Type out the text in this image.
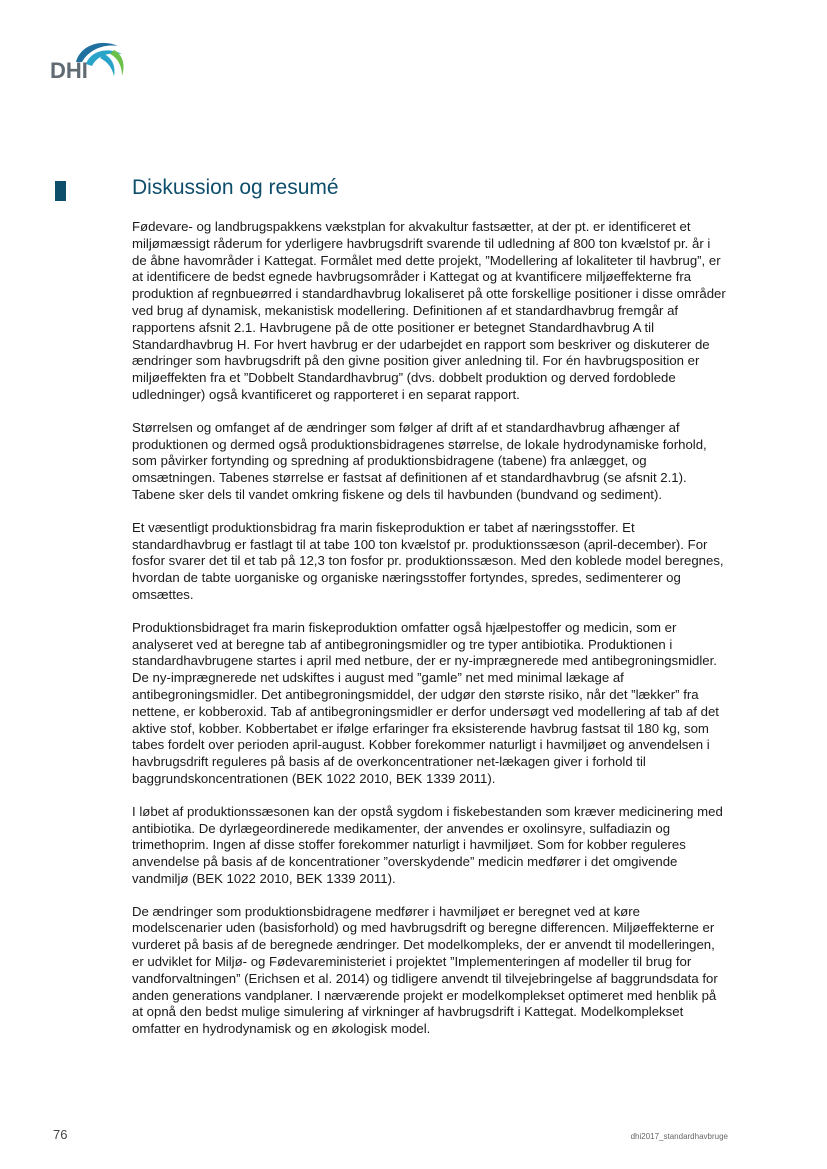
DHI
8	Diskussion og resumé

Fødevare- og landbrugspakkens vækstplan for akvakultur fastsætter, at der pt. er identificeret et miljømæssigt råderum for yderligere havbrugsdrift svarende til udledning af 800 ton kvælstof pr. år i de åbne havområder i Kattegat. Formålet med dette projekt, ”Modellering af lokaliteter til havbrug”, er at identificere de bedst egnede havbrugsområder i Kattegat og at kvantificere miljøeffekterne fra produktion af regnbueørred i standardhavbrug lokaliseret på otte forskellige positioner i disse områder ved brug af dynamisk, mekanistisk modellering. Definitionen af et standardhavbrug fremgår af rapportens afsnit 2.1. Havbrugene på de otte positioner er betegnet Standardhavbrug A til Standardhavbrug H. For hvert havbrug er der udarbejdet en rapport som beskriver og diskuterer de ændringer som havbrugsdrift på den givne position giver anledning til. For én havbrugsposition er miljøeffekten fra et ”Dobbelt Standardhavbrug” (dvs. dobbelt produktion og derved fordoblede udledninger) også kvantificeret og rapporteret i en separat rapport.

Størrelsen og omfanget af de ændringer som følger af drift af et standardhavbrug afhænger af produktionen og dermed også produktionsbidragenes størrelse, de lokale hydrodynamiske forhold, som påvirker fortynding og spredning af produktionsbidragene (tabene) fra anlægget, og omsætningen. Tabenes størrelse er fastsat af definitionen af et standardhavbrug (se afsnit 2.1). Tabene sker dels til vandet omkring fiskene og dels til havbunden (bundvand og sediment).

Et væsentligt produktionsbidrag fra marin fiskeproduktion er tabet af næringsstoffer. Et standardhavbrug er fastlagt til at tabe 100 ton kvælstof pr. produktionssæson (april-december). For fosfor svarer det til et tab på 12,3 ton fosfor pr. produktionssæson. Med den koblede model beregnes, hvordan de tabte uorganiske og organiske næringsstoffer fortyndes, spredes, sedimenterer og omsættes.

Produktionsbidraget fra marin fiskeproduktion omfatter også hjælpestoffer og medicin, som er analyseret ved at beregne tab af antibegroningsmidler og tre typer antibiotika. Produktionen i standardhavbrugene startes i april med netbure, der er ny-imprægnerede med antibegroningsmidler. De ny-imprægnerede net udskiftes i august med ”gamle” net med minimal lækage af antibegroningsmidler. Det antibegroningsmiddel, der udgør den største risiko, når det ”lækker” fra nettene, er kobberoxid. Tab af antibegroningsmidler er derfor undersøgt ved modellering af tab af det aktive stof, kobber. Kobbertabet er ifølge erfaringer fra eksisterende havbrug fastsat til 180 kg, som tabes fordelt over perioden april-august. Kobber forekommer naturligt i havmiljøet og anvendelsen i havbrugsdrift reguleres på basis af de overkoncentrationer net-lækagen giver i forhold til baggrundskoncentrationen (BEK 1022 2010, BEK 1339 2011).

I løbet af produktionssæsonen kan der opstå sygdom i fiskebestanden som kræver medicinering med antibiotika. De dyrlægeordinerede medikamenter, der anvendes er oxolinsyre, sulfadiazin og trimethoprim. Ingen af disse stoffer forekommer naturligt i havmiljøet. Som for kobber reguleres anvendelse på basis af de koncentrationer ”overskydende” medicin medfører i det omgivende vandmiljø (BEK 1022 2010, BEK 1339 2011).

De ændringer som produktionsbidragene medfører i havmiljøet er beregnet ved at køre modelscenarier uden (basisforhold) og med havbrugsdrift og beregne differencen. Miljøeffekterne er vurderet på basis af de beregnede ændringer. Det modelkompleks, der er anvendt til modelleringen, er udviklet for Miljø- og Fødevareministeriet i projektet ”Implementeringen af modeller til brug for vandforvaltningen” (Erichsen et al. 2014) og tidligere anvendt til tilvejebringelse af baggrundsdata for anden generations vandplaner. I nærværende projekt er modelkomplekset optimeret med henblik på at opnå den bedst mulige simulering af virkninger af havbrugsdrift i Kattegat. Modelkomplekset omfatter en hydrodynamisk og en økologisk model.

76	dhi2017_standardhavbruge
